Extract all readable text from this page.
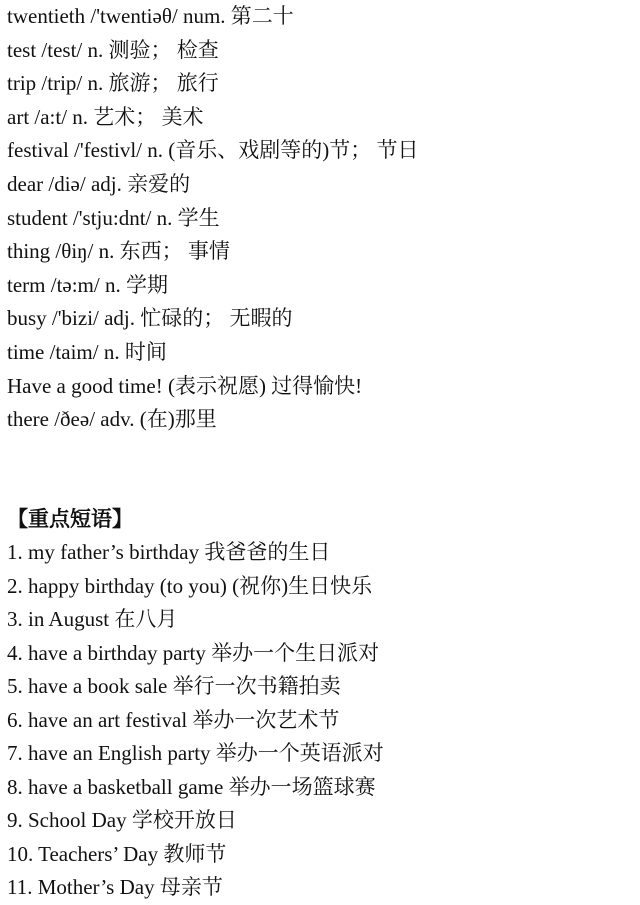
twentieth /'twentiəθ/ num. 第二十
test /test/ n. 测验； 检查
trip /trip/ n. 旅游； 旅行
art /a:t/ n. 艺术； 美术
festival /'festivl/ n. (音乐、戏剧等的)节； 节日
dear /diə/ adj. 亲爱的
student /'stju:dnt/ n. 学生
thing /θiŋ/ n. 东西； 事情
term /tə:m/ n. 学期
busy /'bizi/ adj. 忙碌的； 无暇的
time /taim/ n. 时间
Have a good time! (表示祝愿) 过得愉快!
there /ðeə/ adv. (在)那里
【重点短语】
1. my father’s birthday 我爸爸的生日
2. happy birthday (to you) (祝你)生日快乐
3. in August 在八月
4. have a birthday party 举办一个生日派对
5. have a book sale 举行一次书籍拍卖
6. have an art festival 举办一次艺术节
7. have an English party 举办一个英语派对
8. have a basketball game 举办一场篮球赛
9. School Day 学校开放日
10. Teachers’ Day 教师节
11. Mother’s Day 母亲节
